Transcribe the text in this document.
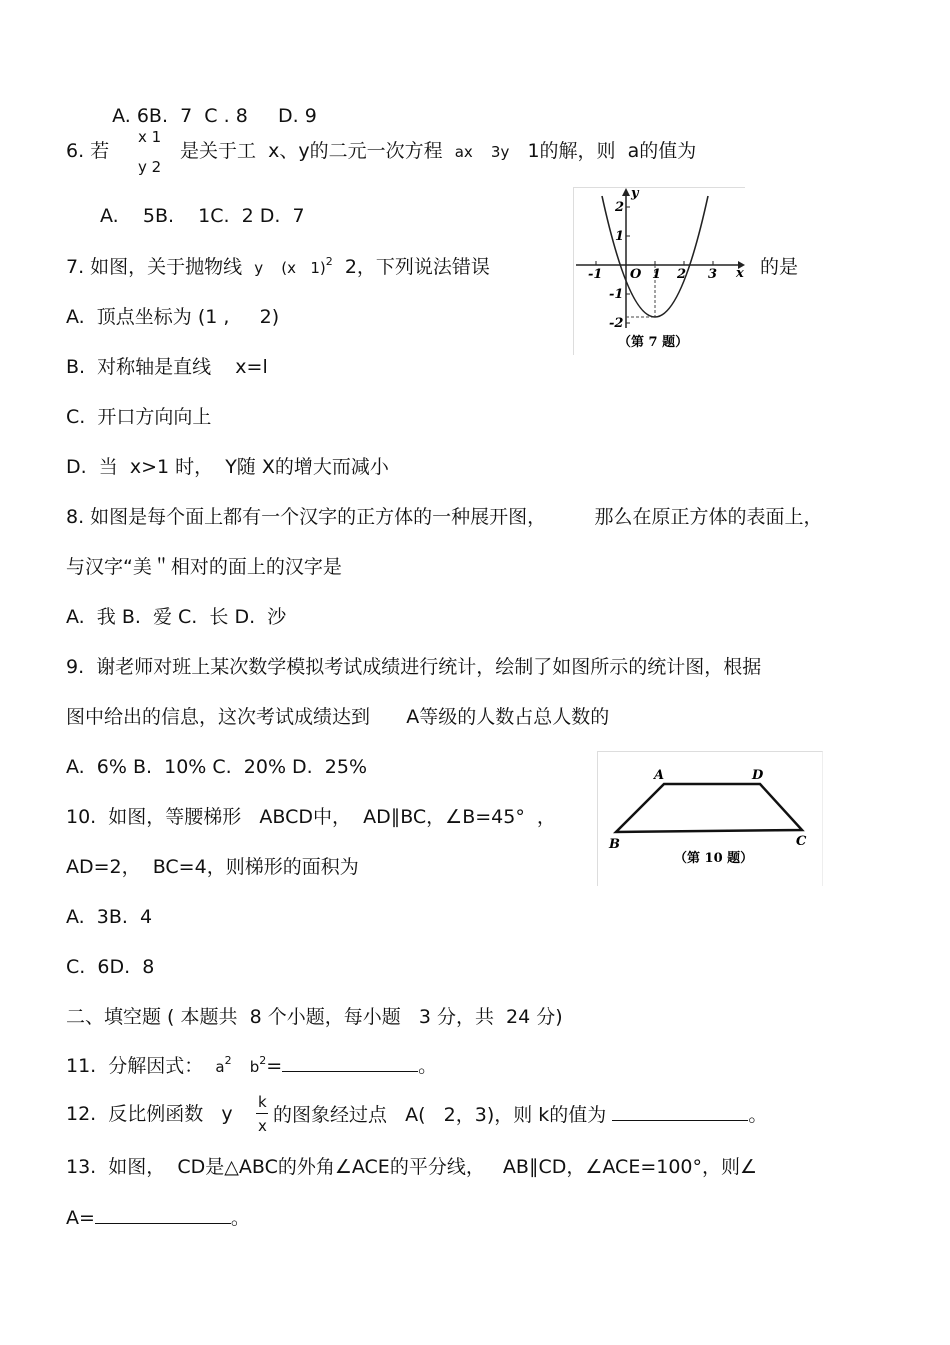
A. 6B. 7 C . 8 D. 9

6. 若
x 1
y 2
是关于工 x、y的二元一次方程 ax 3y 1的解，则 a的值为
A.    5B.    1C.  2 D.  7
7. 如图，关于抛物线 y (x   1)$^2$ 2，下列说法错误	的是
A.  顶点坐标为 (1 ,     2)
B.  对称轴是直线    x=l
C.  开口方向向上
D.  当  x>1 时，  Y随 X的增大而减小
x
y
O
-1	1 2 3
2
1
-1
-2
（第 7 题）
8. 如图是每个面上都有一个汉字的正方体的一种展开图，        那么在原正方体的表面上，
与汉字“美＂相对的面上的汉字是
A.  我 B.  爱 C.  长 D.  沙
9.  谢老师对班上某次数学模拟考试成绩进行统计，绘制了如图所示的统计图，根据
图中给出的信息，这次考试成绩达到      A等级的人数占总人数的
A.  6% B.  10% C.  20% D.  25%
10.  如图，等腰梯形   ABCD中，  AD∥BC，∠B=45°  ，
AD=2，  BC=4，则梯形的面积为
A.  3B.  4
C.  6D.  8
A	D
B	C
（第 10 题）
二、填空题 ( 本题共  8 个小题，每小题   3 分，共  24 分)
11.  分解因式： $a^2$ $b^2=$	。
12.  反比例函数   y
k
x 的图象经过点   A(   2，3)，则 k的值为	。
13.  如图，  CD是△ABC的外角∠ACE的平分线，   AB∥CD，∠ACE=100°，则∠
A=	。
